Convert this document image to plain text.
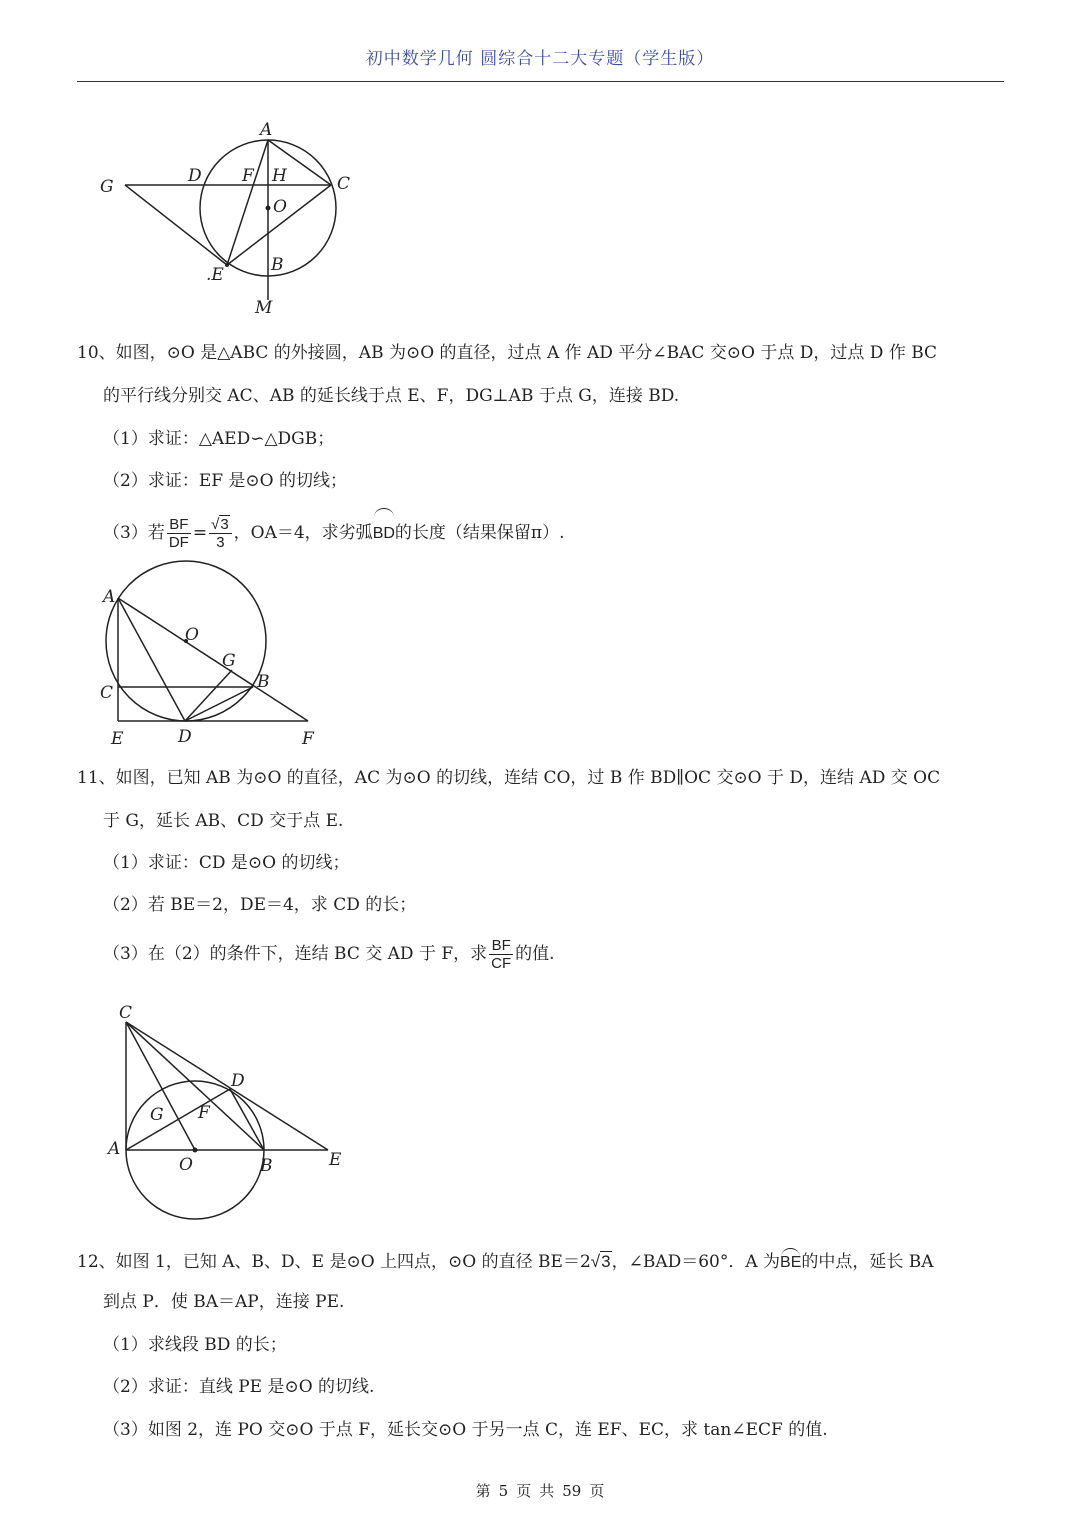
初中数学几何 圆综合十二大专题（学生版）
A
C
D F H
G
O
.E	B
M
10、如图，⊙O 是△ABC 的外接圆，AB 为⊙O 的直径，过点 A 作 AD 平分∠BAC 交⊙O 于点 D，过点 D 作 BC
的平行线分别交 AC、AB 的延长线于点 E、F，DG⊥AB 于点 G，连接 BD.
（1）求证：△AED∽△DGB；
（2）求证：EF 是⊙O 的切线；
（3）若 $\frac{BF}{DF} = \frac{√3}{3}$ ，OA＝4，求劣弧BD的长度（结果保留π）.
A
O
G
C
B
E	D	F
11、如图，已知 AB 为⊙O 的直径，AC 为⊙O 的切线，连结 CO，过 B 作 BD∥OC 交⊙O 于 D，连结 AD 交 OC
于 G，延长 AB、CD 交于点 E.
（1）求证：CD 是⊙O 的切线；
（2）若 BE＝2，DE＝4，求 CD 的长；
（3）在（2）的条件下，连结 BC 交 AD 于 F，求 $\frac{BF}{CF}$ 的值.
C
D
G F
A
O	B	E
12、如图 1，已知 A、B、D、E 是⊙O 上四点，⊙O 的直径 BE＝2√3，∠BAD＝60°．A 为BE的中点，延长 BA
到点 P．使 BA＝AP，连接 PE.
（1）求线段 BD 的长；
（2）求证：直线 PE 是⊙O 的切线.
（3）如图 2，连 PO 交⊙O 于点 F，延长交⊙O 于另一点 C，连 EF、EC，求 tan∠ECF 的值.
第 5 页 共 59 页
